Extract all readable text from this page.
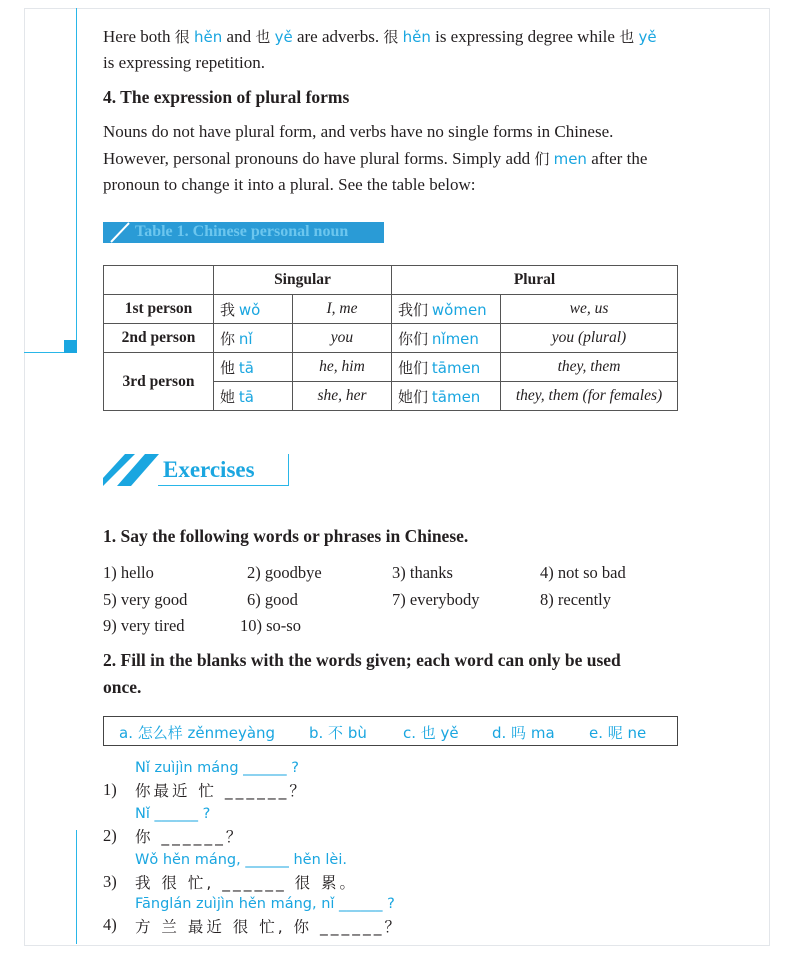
Here both 很 hěn and 也 yě are adverbs. 很 hěn is expressing degree while 也 yě

is expressing repetition.

4. The expression of plural forms

Nouns do not have plural form, and verbs have no single forms in Chinese.

However, personal pronouns do have plural forms. Simply add 们 men after the

pronoun to change it into a plural. See the table below:

Table 1. Chinese personal noun
	Singular		Plural	
1st person	我 wǒ	I, me	我们 wǒmen	we, us
2nd person	你 nǐ	you	你们 nǐmen	you (plural)
3rd person	他 tā	he, him	他们 tāmen	they, them
	她 tā	she, her	她们 tāmen	they, them (for females)
Exercises
1. Say the following words or phrases in Chinese.
1) hello	2) goodbye	3) thanks	4) not so bad
5) very good	6) good	7) everybody	8) recently
9) very tired	10) so-so
2. Fill in the blanks with the words given; each word can only be used
once.
a. 怎么样 zěnmeyàng b. 不 bù c. 也 yě d. 吗 ma e. 呢 ne
Nǐ zuìjìn máng ______ ?
1) 你最近 忙 ______？
Nǐ ______ ?
2) 你 ______？
Wǒ hěn máng, ______ hěn lèi.
3) 我 很 忙, ______ 很 累。
Fānglán zuìjìn hěn máng, nǐ ______ ?
4) 方 兰 最近 很 忙, 你 ______？
